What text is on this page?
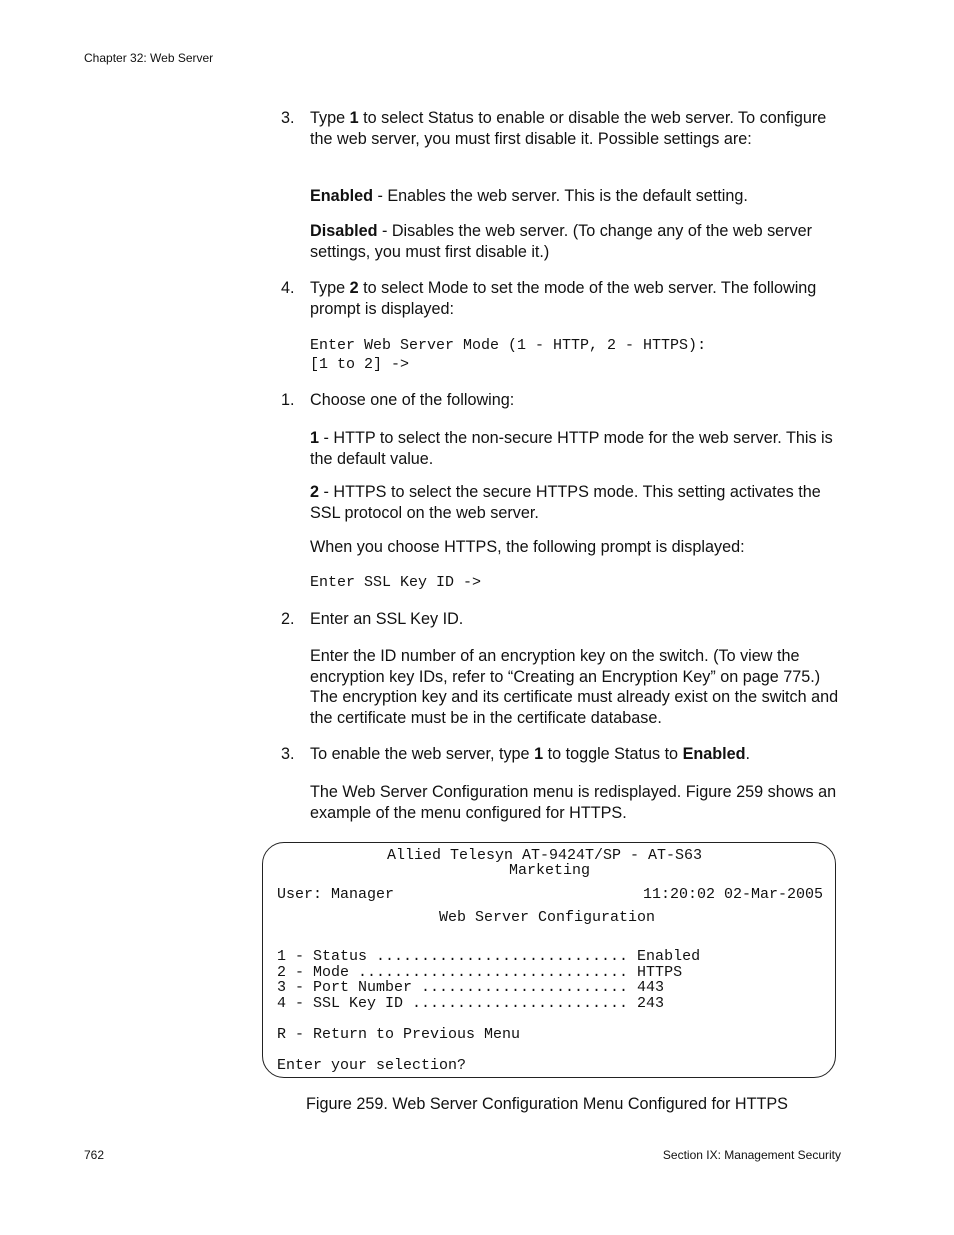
Chapter 32: Web Server
3. Type 1 to select Status to enable or disable the web server. To configure the web server, you must first disable it. Possible settings are:
Enabled - Enables the web server. This is the default setting.
Disabled - Disables the web server. (To change any of the web server settings, you must first disable it.)
4. Type 2 to select Mode to set the mode of the web server. The following prompt is displayed:
Enter Web Server Mode (1 - HTTP, 2 - HTTPS):
[1 to 2] ->
1. Choose one of the following:
1 - HTTP to select the non-secure HTTP mode for the web server. This is the default value.
2 - HTTPS to select the secure HTTPS mode. This setting activates the SSL protocol on the web server.
When you choose HTTPS, the following prompt is displayed:
Enter SSL Key ID ->
2. Enter an SSL Key ID.
Enter the ID number of an encryption key on the switch. (To view the encryption key IDs, refer to “Creating an Encryption Key” on page 775.) The encryption key and its certificate must already exist on the switch and the certificate must be in the certificate database.
3. To enable the web server, type 1 to toggle Status to Enabled.
The Web Server Configuration menu is redisplayed. Figure 259 shows an example of the menu configured for HTTPS.
Allied Telesyn AT-9424T/SP - AT-S63
Marketing
User: Manager	11:20:02 02-Mar-2005
Web Server Configuration
1 - Status ............................ Enabled
2 - Mode .............................. HTTPS
3 - Port Number ....................... 443
4 - SSL Key ID ........................ 243
R - Return to Previous Menu
Enter your selection?
Figure 259. Web Server Configuration Menu Configured for HTTPS
762	Section IX: Management Security
